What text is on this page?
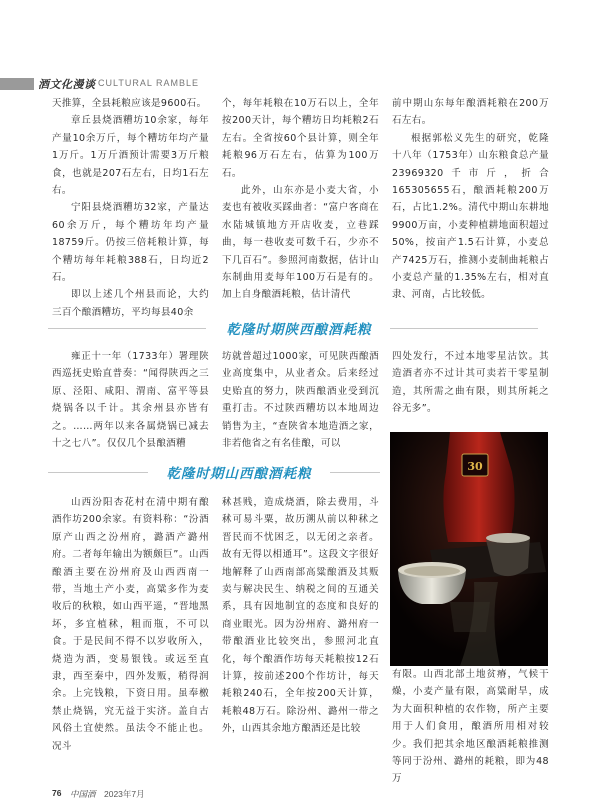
酒文化漫谈 CULTURAL RAMBLE

天推算，全县耗粮应该是9600石。

章丘县烧酒糟坊10余家，每年产量10余万斤，每个糟坊年均产量1万斤。1万斤酒预计需要3万斤粮食，也就是207石左右，日均1石左右。

宁阳县烧酒糟坊32家，产量达60余万斤，每个糟坊年均产量18759斤。仍按三倍耗粮计算，每个糟坊每年耗粮388石，日均近2石。

即以上述几个州县而论，大约三百个酿酒糟坊，平均每县40余

个，每年耗粮在10万石以上，全年按200天计，每个糟坊日均耗粮2石左右。全省按60个县计算，则全年耗粮96万石左右，估算为100万石。

此外，山东亦是小麦大省，小麦也有被收买踩曲者：“富户客商在水陆城镇地方开店收麦，立巷踩曲，每一巷收麦可数千石，少亦不下几百石”。参照河南数据，估计山东制曲用麦每年100万石是有的。加上自身酿酒耗粮，估计清代

前中期山东每年酿酒耗粮在200万石左右。

根据郭松义先生的研究，乾隆十八年（1753年）山东粮食总产量23969320千市斤，折合165305655石，酿酒耗粮200万石，占比1.2%。清代中期山东耕地9900万亩，小麦种植耕地面积超过50%，按亩产1.5石计算，小麦总产7425万石，推测小麦制曲耗粮占小麦总产量的1.35%左右，相对直隶、河南，占比较低。

乾隆时期陕西酿酒耗粮

雍正十一年（1733年）署理陕西巡抚史贻直普奏：“闻得陕西之三原、泾阳、咸阳、渭南、富平等县烧锅各以千计。其余州县亦皆有之。……两年以来各属烧锅已减去十之七八”。仅仅几个县酿酒糟

坊就普超过1000家，可见陕西酿酒业高度集中，从业者众。后来经过史贻直的努力，陕西酿酒业受到沉重打击。不过陕西糟坊以本地周边销售为主，“查陕省本地造酒之家，非若他省之有名佳酿，可以

四处发行，不过本地零星沽饮。其造酒者亦不过计其可卖若干零星制造，其所需之曲有限，则其所耗之谷无多”。

乾隆时期山西酿酒耗粮

山西汾阳杏花村在清中期有酿酒作坊200余家。有资料称：“汾酒原产山西之汾州府，潞酒产潞州府。二者每年输出为额颇巨”。山西酿酒主要在汾州府及山西西南一带，当地土产小麦，高粱多作为麦收后的秋粮，如山西平遥，“晋地黑坏，多宜植秫，粗而瓶，不可以食。于是民间不得不以岁收所入，烧造为酒，变易银钱。或远至直隶，西至秦中，四外发贩，稍得润余。上完钱粮，下资日用。虽奉檄禁止烧锅，究无益于实济。盖自古风俗土宜使然。虽法令不能止也。况斗

秫甚贱，造成烧酒，除去费用，斗秫可易斗粟，故历溯从前以种秫之晋民而不忧困乏，以无闭之亲者。故有无得以相通耳”。这段文字很好地解释了山西南部高粱酿酒及其贩卖与解决民生、纳税之间的互通关系，具有因地制宜的态度和良好的商业眼光。因为汾州府、潞州府一带酿酒业比较突出，参照河北直化，每个酿酒作坊每天耗粮按12石计算，按前述200个作坊计，每天耗粮240石，全年按200天计算，耗粮48万石。除汾州、潞州一带之外，山西其余地方酿酒还是比较

有限。山西北部土地贫瘠，气候干燥，小麦产量有限，高粱耐旱，成为大面积种植的农作物，所产主要用于人们食用，酿酒所用相对较少。我们把其余地区酿酒耗粮推测等同于汾州、潞州的耗粮，即为48万

30
76 中国酒 2023年7月
